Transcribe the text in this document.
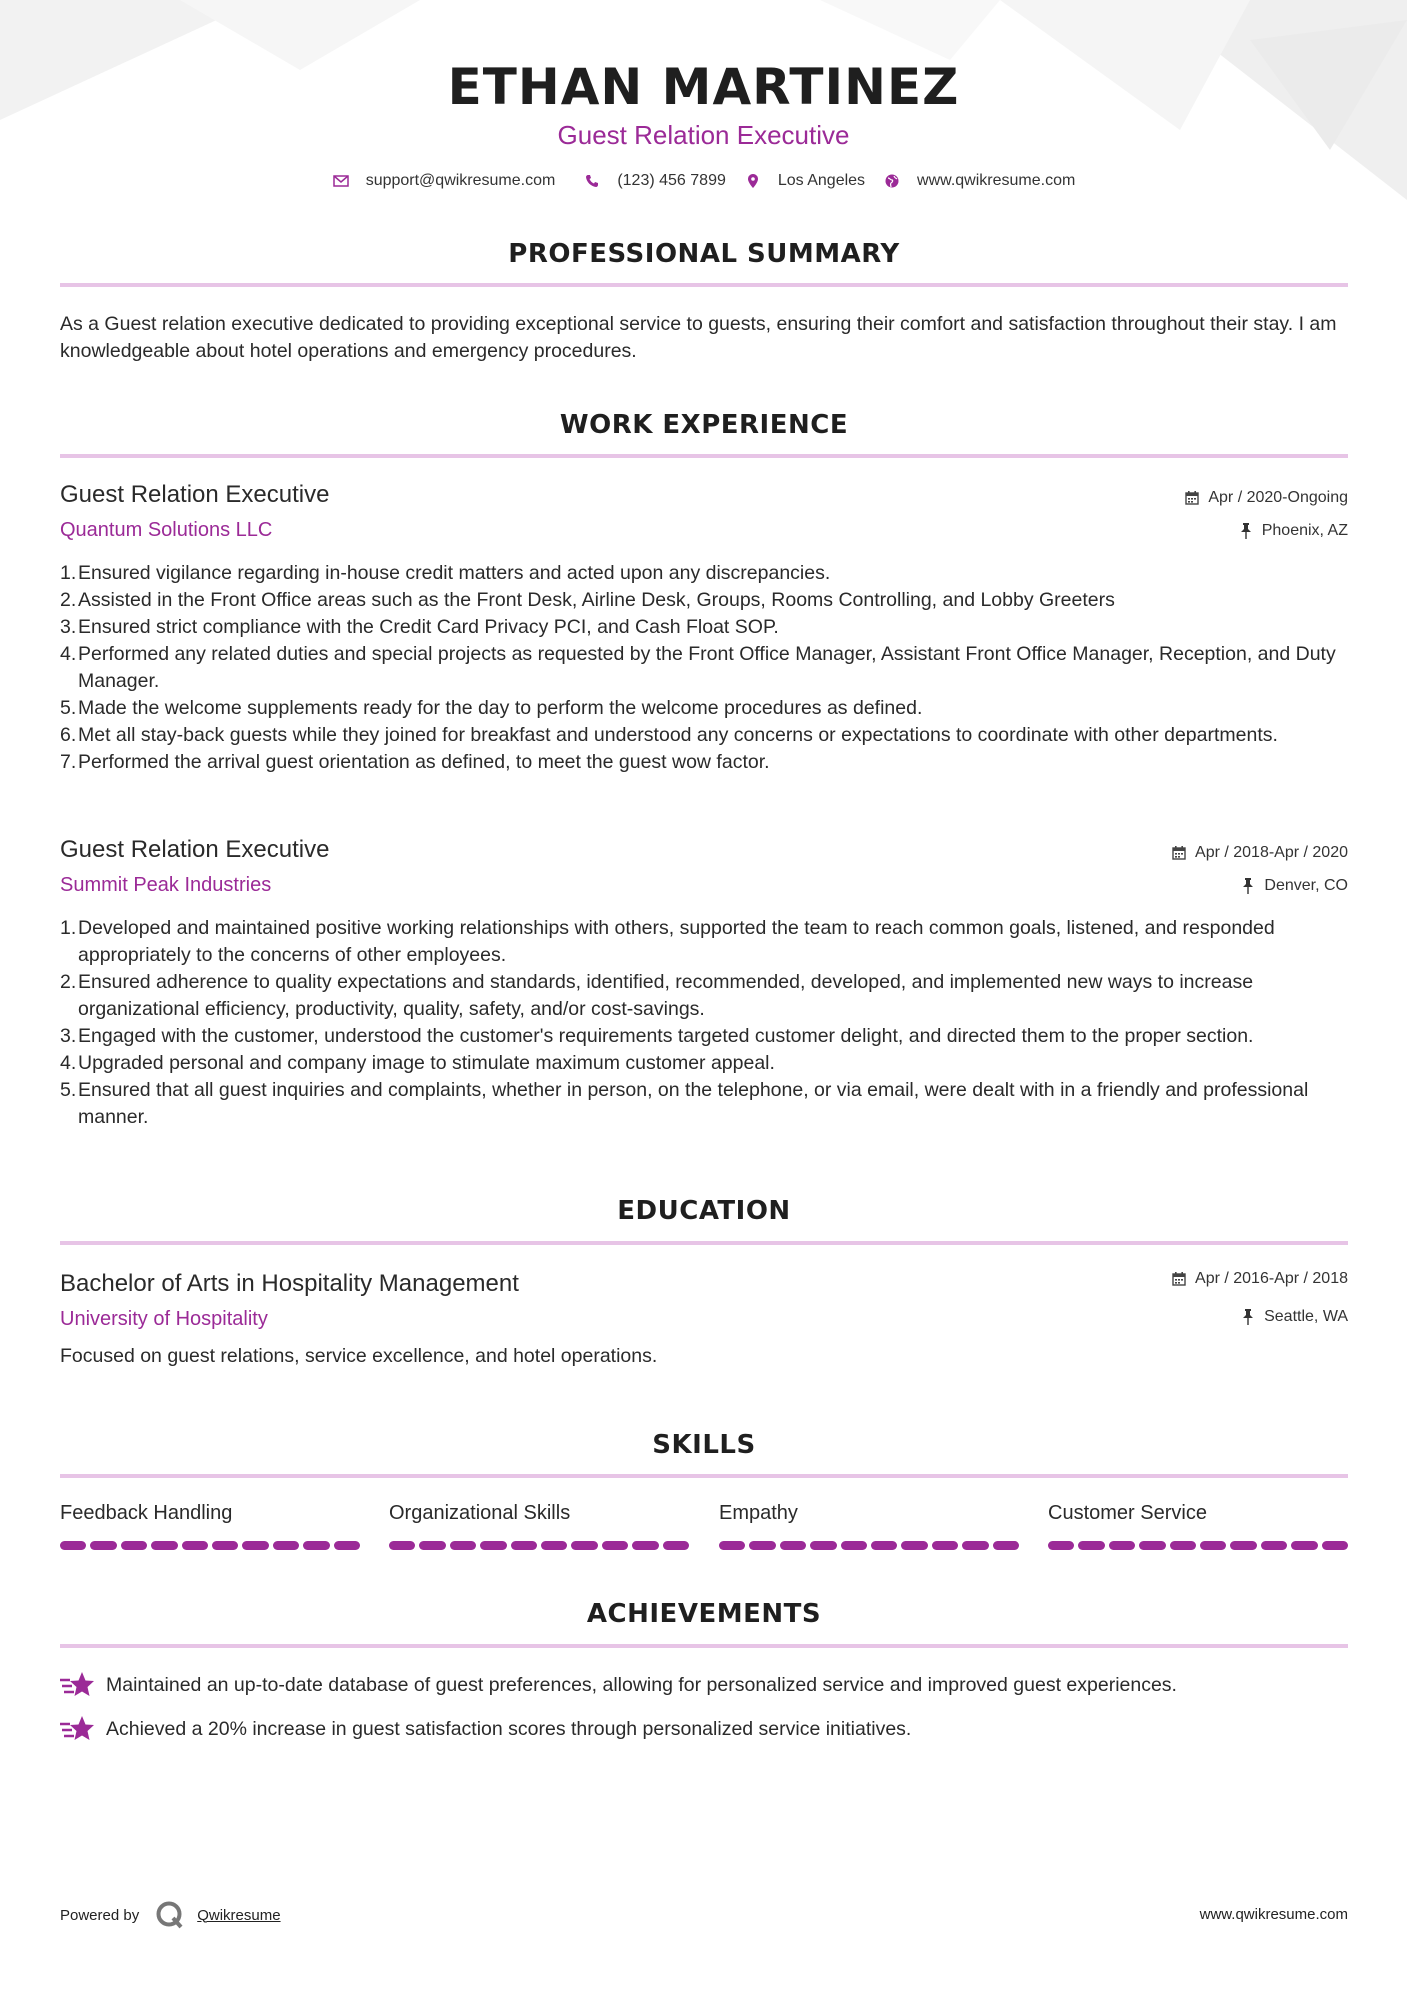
ETHAN MARTINEZ
Guest Relation Executive
support@qwikresume.com	(123) 456 7899	Los Angeles	www.qwikresume.com
PROFESSIONAL SUMMARY
As a Guest relation executive dedicated to providing exceptional service to guests, ensuring their comfort and satisfaction throughout their stay. I am knowledgeable about hotel operations and emergency procedures.
WORK EXPERIENCE
Guest Relation Executive
Quantum Solutions LLC
Apr / 2020-Ongoing
Phoenix, AZ
1. Ensured vigilance regarding in-house credit matters and acted upon any discrepancies.
2. Assisted in the Front Office areas such as the Front Desk, Airline Desk, Groups, Rooms Controlling, and Lobby Greeters
3. Ensured strict compliance with the Credit Card Privacy PCI, and Cash Float SOP.
4. Performed any related duties and special projects as requested by the Front Office Manager, Assistant Front Office Manager, Reception, and Duty Manager.
5. Made the welcome supplements ready for the day to perform the welcome procedures as defined.
6. Met all stay-back guests while they joined for breakfast and understood any concerns or expectations to coordinate with other departments.
7. Performed the arrival guest orientation as defined, to meet the guest wow factor.
Guest Relation Executive
Summit Peak Industries
Apr / 2018-Apr / 2020
Denver, CO
1. Developed and maintained positive working relationships with others, supported the team to reach common goals, listened, and responded appropriately to the concerns of other employees.
2. Ensured adherence to quality expectations and standards, identified, recommended, developed, and implemented new ways to increase organizational efficiency, productivity, quality, safety, and/or cost-savings.
3. Engaged with the customer, understood the customer's requirements targeted customer delight, and directed them to the proper section.
4. Upgraded personal and company image to stimulate maximum customer appeal.
5. Ensured that all guest inquiries and complaints, whether in person, on the telephone, or via email, were dealt with in a friendly and professional manner.
EDUCATION
Bachelor of Arts in Hospitality Management
University of Hospitality
Apr / 2016-Apr / 2018
Seattle, WA
Focused on guest relations, service excellence, and hotel operations.
SKILLS
Feedback Handling	Organizational Skills	Empathy	Customer Service
ACHIEVEMENTS
Maintained an up-to-date database of guest preferences, allowing for personalized service and improved guest experiences.
Achieved a 20% increase in guest satisfaction scores through personalized service initiatives.
Powered by	Qwikresume	www.qwikresume.com
